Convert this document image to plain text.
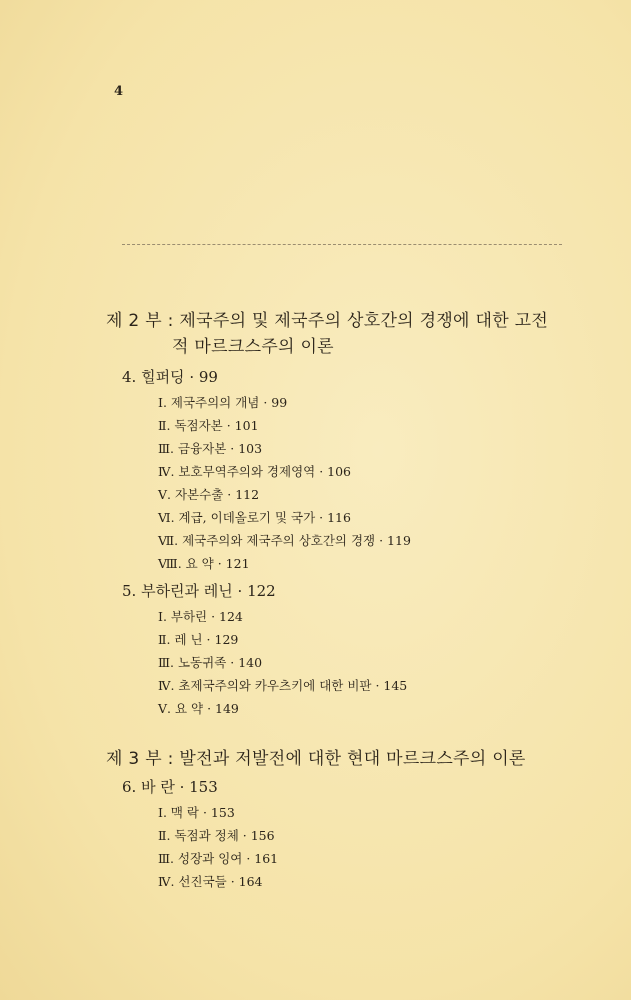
4
제 2 부 : 제국주의 및 제국주의 상호간의 경쟁에 대한 고전
적 마르크스주의 이론
4. 힐퍼딩 · 99
Ⅰ. 제국주의의 개념 · 99
Ⅱ. 독점자본 · 101
Ⅲ. 금융자본 · 103
Ⅳ. 보호무역주의와 경제영역 · 106
Ⅴ. 자본수출 · 112
Ⅵ. 계급, 이데올로기 및 국가 · 116
Ⅶ. 제국주의와 제국주의 상호간의 경쟁 · 119
Ⅷ. 요 약 · 121
5. 부하린과 레닌 · 122
Ⅰ. 부하린 · 124
Ⅱ. 레 닌 · 129
Ⅲ. 노동귀족 · 140
Ⅳ. 초제국주의와 카우츠키에 대한 비판 · 145
Ⅴ. 요 약 · 149
제 3 부 : 발전과 저발전에 대한 현대 마르크스주의 이론
6. 바 란 · 153
Ⅰ. 맥 락 · 153
Ⅱ. 독점과 정체 · 156
Ⅲ. 성장과 잉여 · 161
Ⅳ. 선진국들 · 164
